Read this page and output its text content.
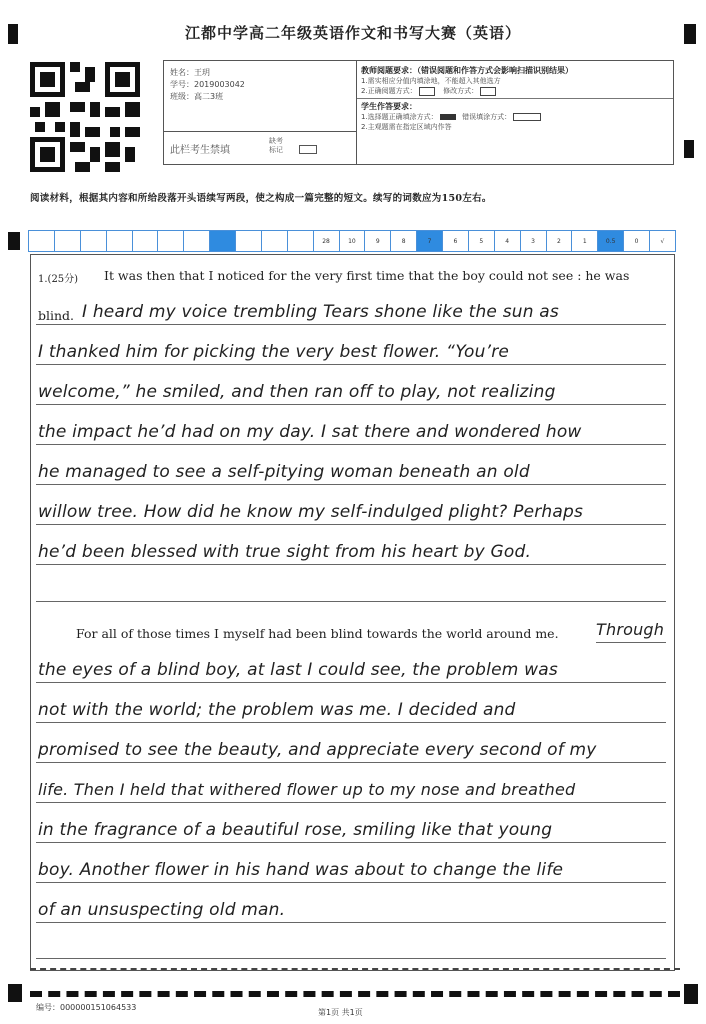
江都中学高二年级英语作文和书写大赛（英语）
姓名：王玥
学号：2019003042
班级：高二3班
此栏考生禁填
缺考标记
教师阅题要求：（错误阅题和作答方式会影响扫描识别结果）
1.需实相应分值内填涂地，不能超入其他选方
2.正确阅题方式：	修改方式：
学生作答要求：
1.选择题正确填涂方式：	错误填涂方式：
2.主观题需在指定区域内作答
阅读材料，根据其内容和所给段落开头语续写两段，使之构成一篇完整的短文。续写的词数应为150左右。
28	10	9	8	7	6	5	4	3	2	1	0.5	0	√
1.(25分) It was then that I noticed for the very first time that the boy could not see : he was
blind. I heard my voice trembling Tears shone like the sun as
I thanked him for picking the very best flower. “You’re
welcome,” he smiled, and then ran off to play, not realizing
the impact he’d had on my day. I sat there and wondered how
he managed to see a self-pitying woman beneath an old
willow tree. How did he know my self-indulged plight? Perhaps
he’d been blessed with true sight from his heart by God.
For all of those times I myself had been blind towards the world around me. Through
the eyes of a blind boy, at last I could see, the problem was
not with the world; the problem was me. I decided and
promised to see the beauty, and appreciate every second of my
life. Then I held that withered flower up to my nose and breathed
in the fragrance of a beautiful rose, smiling like that young
boy. Another flower in his hand was about to change the life
of an unsuspecting old man.
编号：000000151064533
第1页 共1页
